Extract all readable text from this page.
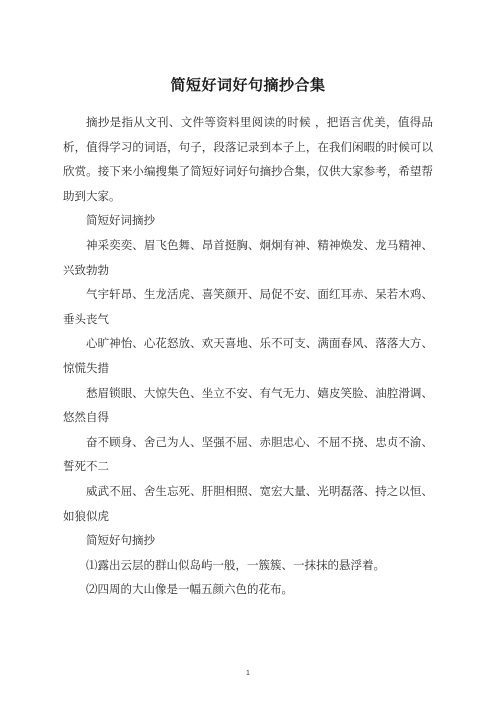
简短好词好句摘抄合集

摘抄是指从文刊、文件等资料里阅读的时候 ，把语言优美，值得品析，值得学习的词语，句子，段落记录到本子上，在我们闲暇的时候可以欣赏。接下来小编搜集了简短好词好句摘抄合集，仅供大家参考，希望帮助到大家。

简短好词摘抄

神采奕奕、眉飞色舞、昂首挺胸、炯炯有神、精神焕发、龙马精神、兴致勃勃

气宇轩昂、生龙活虎、喜笑颜开、局促不安、面红耳赤、呆若木鸡、垂头丧气

心旷神怡、心花怒放、欢天喜地、乐不可支、满面春风、落落大方、惊慌失措

愁眉锁眼、大惊失色、坐立不安、有气无力、嬉皮笑脸、油腔滑调、悠然自得

奋不顾身、舍己为人、坚强不屈、赤胆忠心、不屈不挠、忠贞不渝、誓死不二

威武不屈、舍生忘死、肝胆相照、宽宏大量、光明磊落、持之以恒、如狼似虎

简短好句摘抄

⑴露出云层的群山似岛屿一般，一簇簇、一抹抹的悬浮着。

⑵四周的大山像是一幅五颜六色的花布。

1
